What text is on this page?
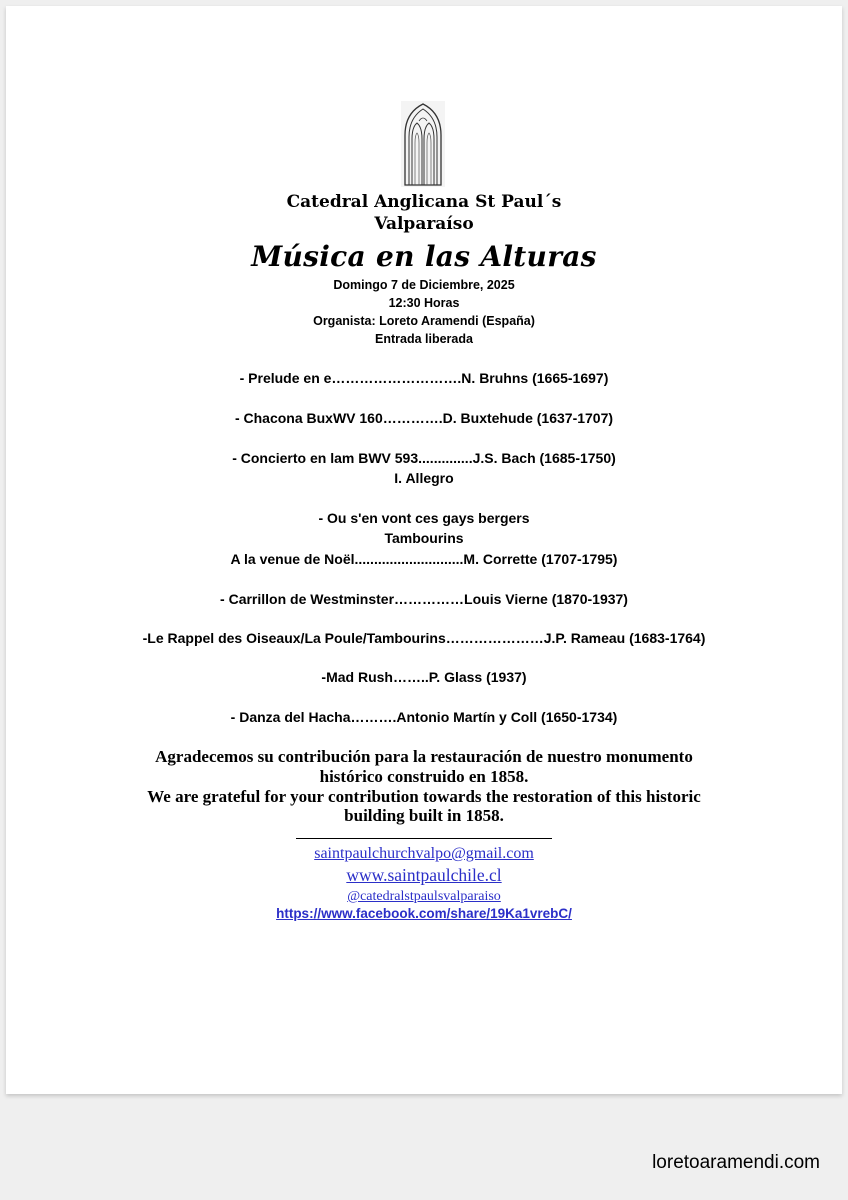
Catedral Anglicana St Paul´s
Valparaíso
Música en las Alturas
Domingo 7 de Diciembre, 2025
12:30 Horas
Organista: Loreto Aramendi (España)
Entrada liberada
- Prelude en e……………………….N. Bruhns (1665-1697)
- Chacona BuxWV 160………….D. Buxtehude (1637-1707)
- Concierto en lam BWV 593..............J.S. Bach (1685-1750)
I. Allegro
- Ou s'en vont ces gays bergers
Tambourins
A la venue de Noël............................M. Corrette (1707-1795)
- Carrillon de Westminster……………Louis Vierne (1870-1937)
-Le Rappel des Oiseaux/La Poule/Tambourins…………………J.P. Rameau (1683-1764)
-Mad Rush……..P. Glass (1937)
- Danza del Hacha……….Antonio Martín y Coll (1650-1734)
Agradecemos su contribución para la restauración de nuestro monumento
histórico construido en 1858.
We are grateful for your contribution towards the restoration of this historic
building built in 1858.
saintpaulchurchvalpo@gmail.com
www.saintpaulchile.cl
@catedralstpaulsvalparaiso
https://www.facebook.com/share/19Ka1vrebC/
loretoaramendi.com
